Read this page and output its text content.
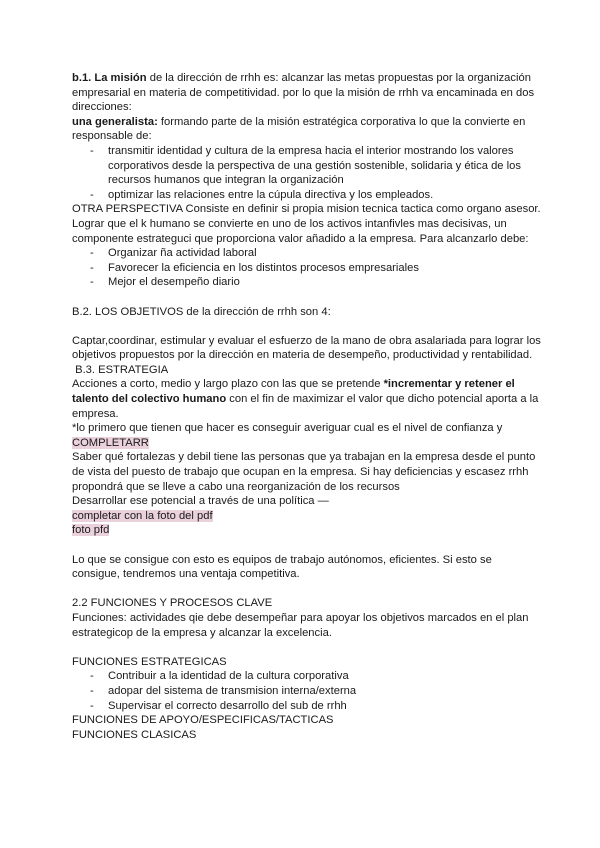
b.1. La misión de la dirección de rrhh es: alcanzar las metas propuestas por la organización empresarial en materia de competitividad. por lo que la misión de rrhh va encaminada en dos direcciones:

una generalista: formando parte de la misión estratégica corporativa lo que la convierte en responsable de:

- transmitir identidad y cultura de la empresa hacia el interior mostrando los valores corporativos desde la perspectiva de una gestión sostenible, solidaria y ética de los recursos humanos que integran la organización
- optimizar las relaciones entre la cúpula directiva y los empleados.

OTRA PERSPECTIVA Consiste en definir si propia mision tecnica tactica como organo asesor.

Lograr que el k humano se convierte en uno de los activos intanfivles mas decisivas, un componente estrateguci que proporciona valor añadido a la empresa. Para alcanzarlo debe:

- Organizar ña actividad laboral
- Favorecer la eficiencia en los distintos procesos empresariales
- Mejor el desempeño diario

B.2. LOS OBJETIVOS de la dirección de rrhh son 4:

Captar,coordinar, estimular y evaluar el esfuerzo de la mano de obra asalariada para lograr los objetivos propuestos por la dirección en materia de desempeño, productividad y rentabilidad.

B.3. ESTRATEGIA

Acciones a corto, medio y largo plazo con las que se pretende *incrementar y retener el talento del colectivo humano con el fin de maximizar el valor que dicho potencial aporta a la empresa.

*lo primero que tienen que hacer es conseguir averiguar cual es el nivel de confianza y COMPLETARR

Saber qué fortalezas y debil tiene las personas que ya trabajan en la empresa desde el punto de vista del puesto de trabajo que ocupan en la empresa. Si hay deficiencias y escasez rrhh propondrá que se lleve a cabo una reorganización de los recursos

Desarrollar ese potencial a través de una política —

completar con la foto del pdf

foto pfd

Lo que se consigue con esto es equipos de trabajo autónomos, eficientes. Si esto se consigue, tendremos una ventaja competitiva.

2.2 FUNCIONES Y PROCESOS CLAVE

Funciones: actividades qie debe desempeñar para apoyar los objetivos marcados en el plan estrategicop de la empresa y alcanzar la excelencia.

FUNCIONES ESTRATEGICAS

- Contribuir a la identidad de la cultura corporativa
- adopar del sistema de transmision interna/externa
- Supervisar el correcto desarrollo del sub de rrhh

FUNCIONES DE APOYO/ESPECIFICAS/TACTICAS

FUNCIONES CLASICAS
